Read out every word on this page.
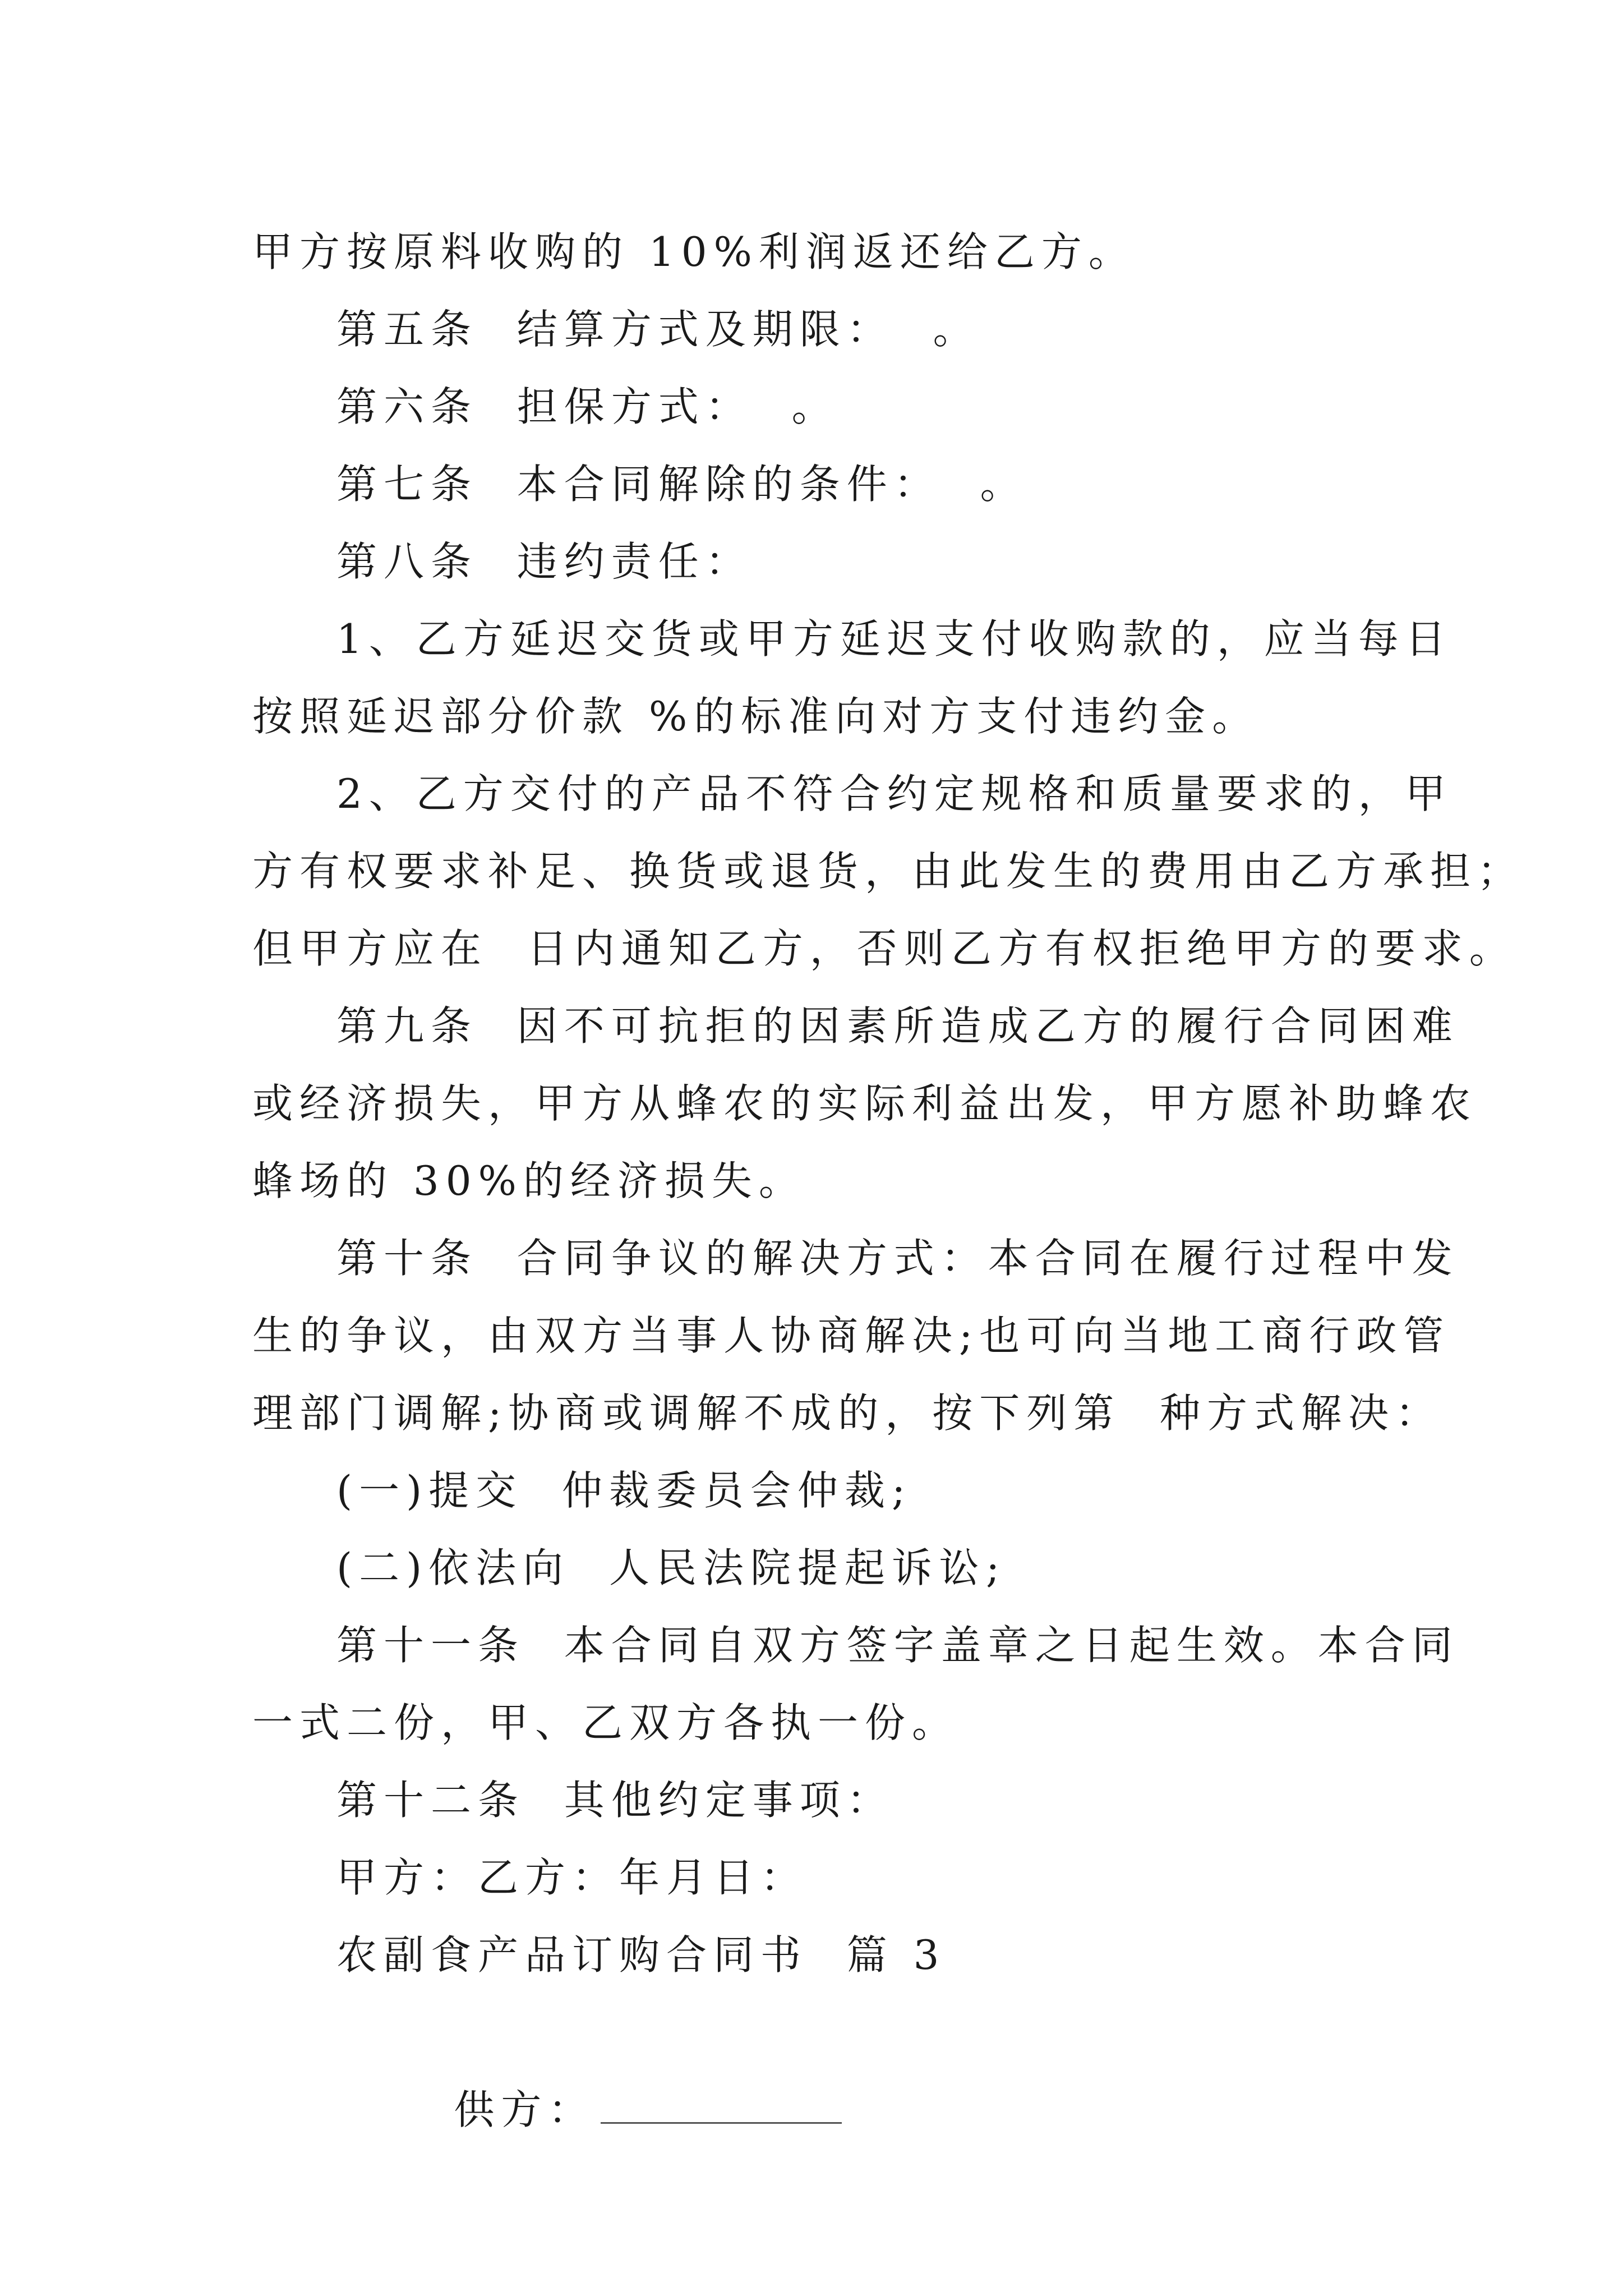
甲方按原料收购的 10%利润返还给乙方。
第五条  结算方式及期限：  。
第六条  担保方式：  。
第七条  本合同解除的条件：  。
第八条  违约责任：
1、乙方延迟交货或甲方延迟支付收购款的，应当每日
按照延迟部分价款 %的标准向对方支付违约金。
2、乙方交付的产品不符合约定规格和质量要求的，甲
方有权要求补足、换货或退货，由此发生的费用由乙方承担；
但甲方应在  日内通知乙方，否则乙方有权拒绝甲方的要求。
第九条  因不可抗拒的因素所造成乙方的履行合同困难
或经济损失，甲方从蜂农的实际利益出发，甲方愿补助蜂农
蜂场的 30%的经济损失。
第十条  合同争议的解决方式：本合同在履行过程中发
生的争议，由双方当事人协商解决;也可向当地工商行政管
理部门调解;协商或调解不成的，按下列第  种方式解决：
(一)提交  仲裁委员会仲裁;
(二)依法向  人民法院提起诉讼;
第十一条  本合同自双方签字盖章之日起生效。本合同
一式二份，甲、乙双方各执一份。
第十二条  其他约定事项：
甲方：乙方：年月日：
农副食产品订购合同书  篇 3

供方：
